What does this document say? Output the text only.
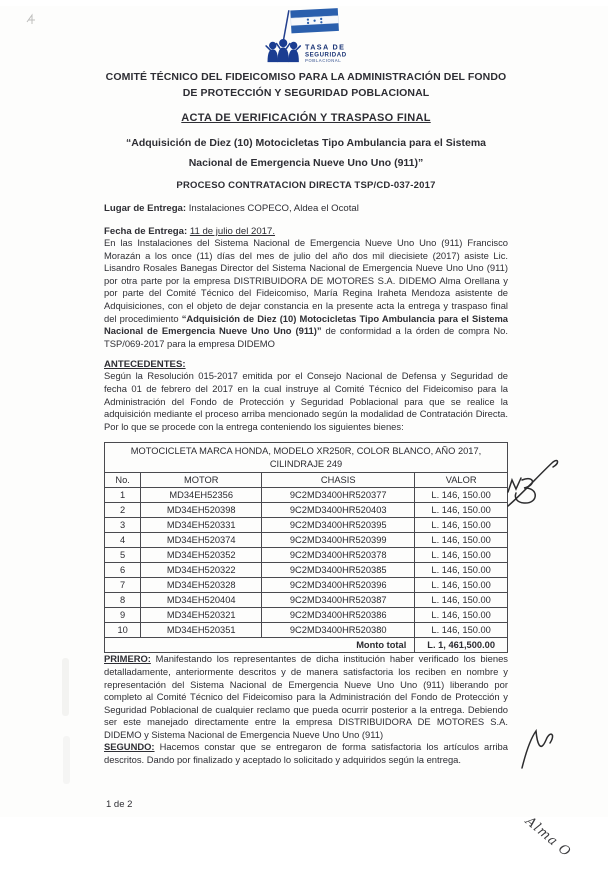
TASA DE
SEGURIDAD
POBLACIONAL
COMITÉ TÉCNICO DEL FIDEICOMISO PARA LA ADMINISTRACIÓN DEL FONDO DE PROTECCIÓN Y SEGURIDAD POBLACIONAL
ACTA DE VERIFICACIÓN Y TRASPASO FINAL
“Adquisición de Diez (10) Motocicletas Tipo Ambulancia para el Sistema Nacional de Emergencia Nueve Uno Uno (911)”
PROCESO CONTRATACION DIRECTA TSP/CD-037-2017
Lugar de Entrega: Instalaciones COPECO, Aldea el Ocotal
Fecha de Entrega: 11 de julio del 2017.

En las Instalaciones del Sistema Nacional de Emergencia Nueve Uno Uno (911) Francisco Morazán a los once (11) días del mes de julio del año dos mil diecisiete (2017) asiste Lic. Lisandro Rosales Banegas Director del Sistema Nacional de Emergencia Nueve Uno Uno (911) por otra parte por la empresa DISTRIBUIDORA DE MOTORES S.A. DIDEMO Alma Orellana y por parte del Comité Técnico del Fideicomiso, María Regina Iraheta Mendoza asistente de Adquisiciones, con el objeto de dejar constancia en la presente acta la entrega y traspaso final del procedimiento “Adquisición de Diez (10) Motocicletas Tipo Ambulancia para el Sistema Nacional de Emergencia Nueve Uno Uno (911)” de conformidad a la órden de compra No. TSP/069-2017 para la empresa DIDEMO

ANTECEDENTES:

Según la Resolución 015-2017 emitida por el Consejo Nacional de Defensa y Seguridad de fecha 01 de febrero del 2017 en la cual instruye al Comité Técnico del Fideicomiso para la Administración del Fondo de Protección y Seguridad Poblacional para que se realice la adquisición mediante el proceso arriba mencionado según la modalidad de Contratación Directa. Por lo que se procede con la entrega conteniendo los siguientes bienes:

MOTOCICLETA MARCA HONDA, MODELO XR250R, COLOR BLANCO, AÑO 2017, CILINDRAJE 249			
No.	MOTOR	CHASIS	VALOR
1	MD34EH52356	9C2MD3400HR520377	L. 146, 150.00
2	MD34EH520398	9C2MD3400HR520403	L. 146, 150.00
3	MD34EH520331	9C2MD3400HR520395	L. 146, 150.00
4	MD34EH520374	9C2MD3400HR520399	L. 146, 150.00
5	MD34EH520352	9C2MD3400HR520378	L. 146, 150.00
6	MD34EH520322	9C2MD3400HR520385	L. 146, 150.00
7	MD34EH520328	9C2MD3400HR520396	L. 146, 150.00
8	MD34EH520404	9C2MD3400HR520387	L. 146, 150.00
9	MD34EH520321	9C2MD3400HR520386	L. 146, 150.00
10	MD34EH520351	9C2MD3400HR520380	L. 146, 150.00
Monto total			L. 1, 461,500.00

PRIMERO: Manifestando los representantes de dicha institución haber verificado los bienes detalladamente, anteriormente descritos y de manera satisfactoria los reciben en nombre y representación del Sistema Nacional de Emergencia Nueve Uno Uno (911) liberando por completo al Comité Técnico del Fideicomiso para la Administración del Fondo de Protección y Seguridad Poblacional de cualquier reclamo que pueda ocurrir posterior a la entrega. Debiendo ser este manejado directamente entre la empresa DISTRIBUIDORA DE MOTORES S.A. DIDEMO y Sistema Nacional de Emergencia Nueve Uno Uno (911)

SEGUNDO: Hacemos constar que se entregaron de forma satisfactoria los artículos arriba descritos. Dando por finalizado y aceptado lo solicitado y adquiridos según la entrega.

1 de 2
Alma O
